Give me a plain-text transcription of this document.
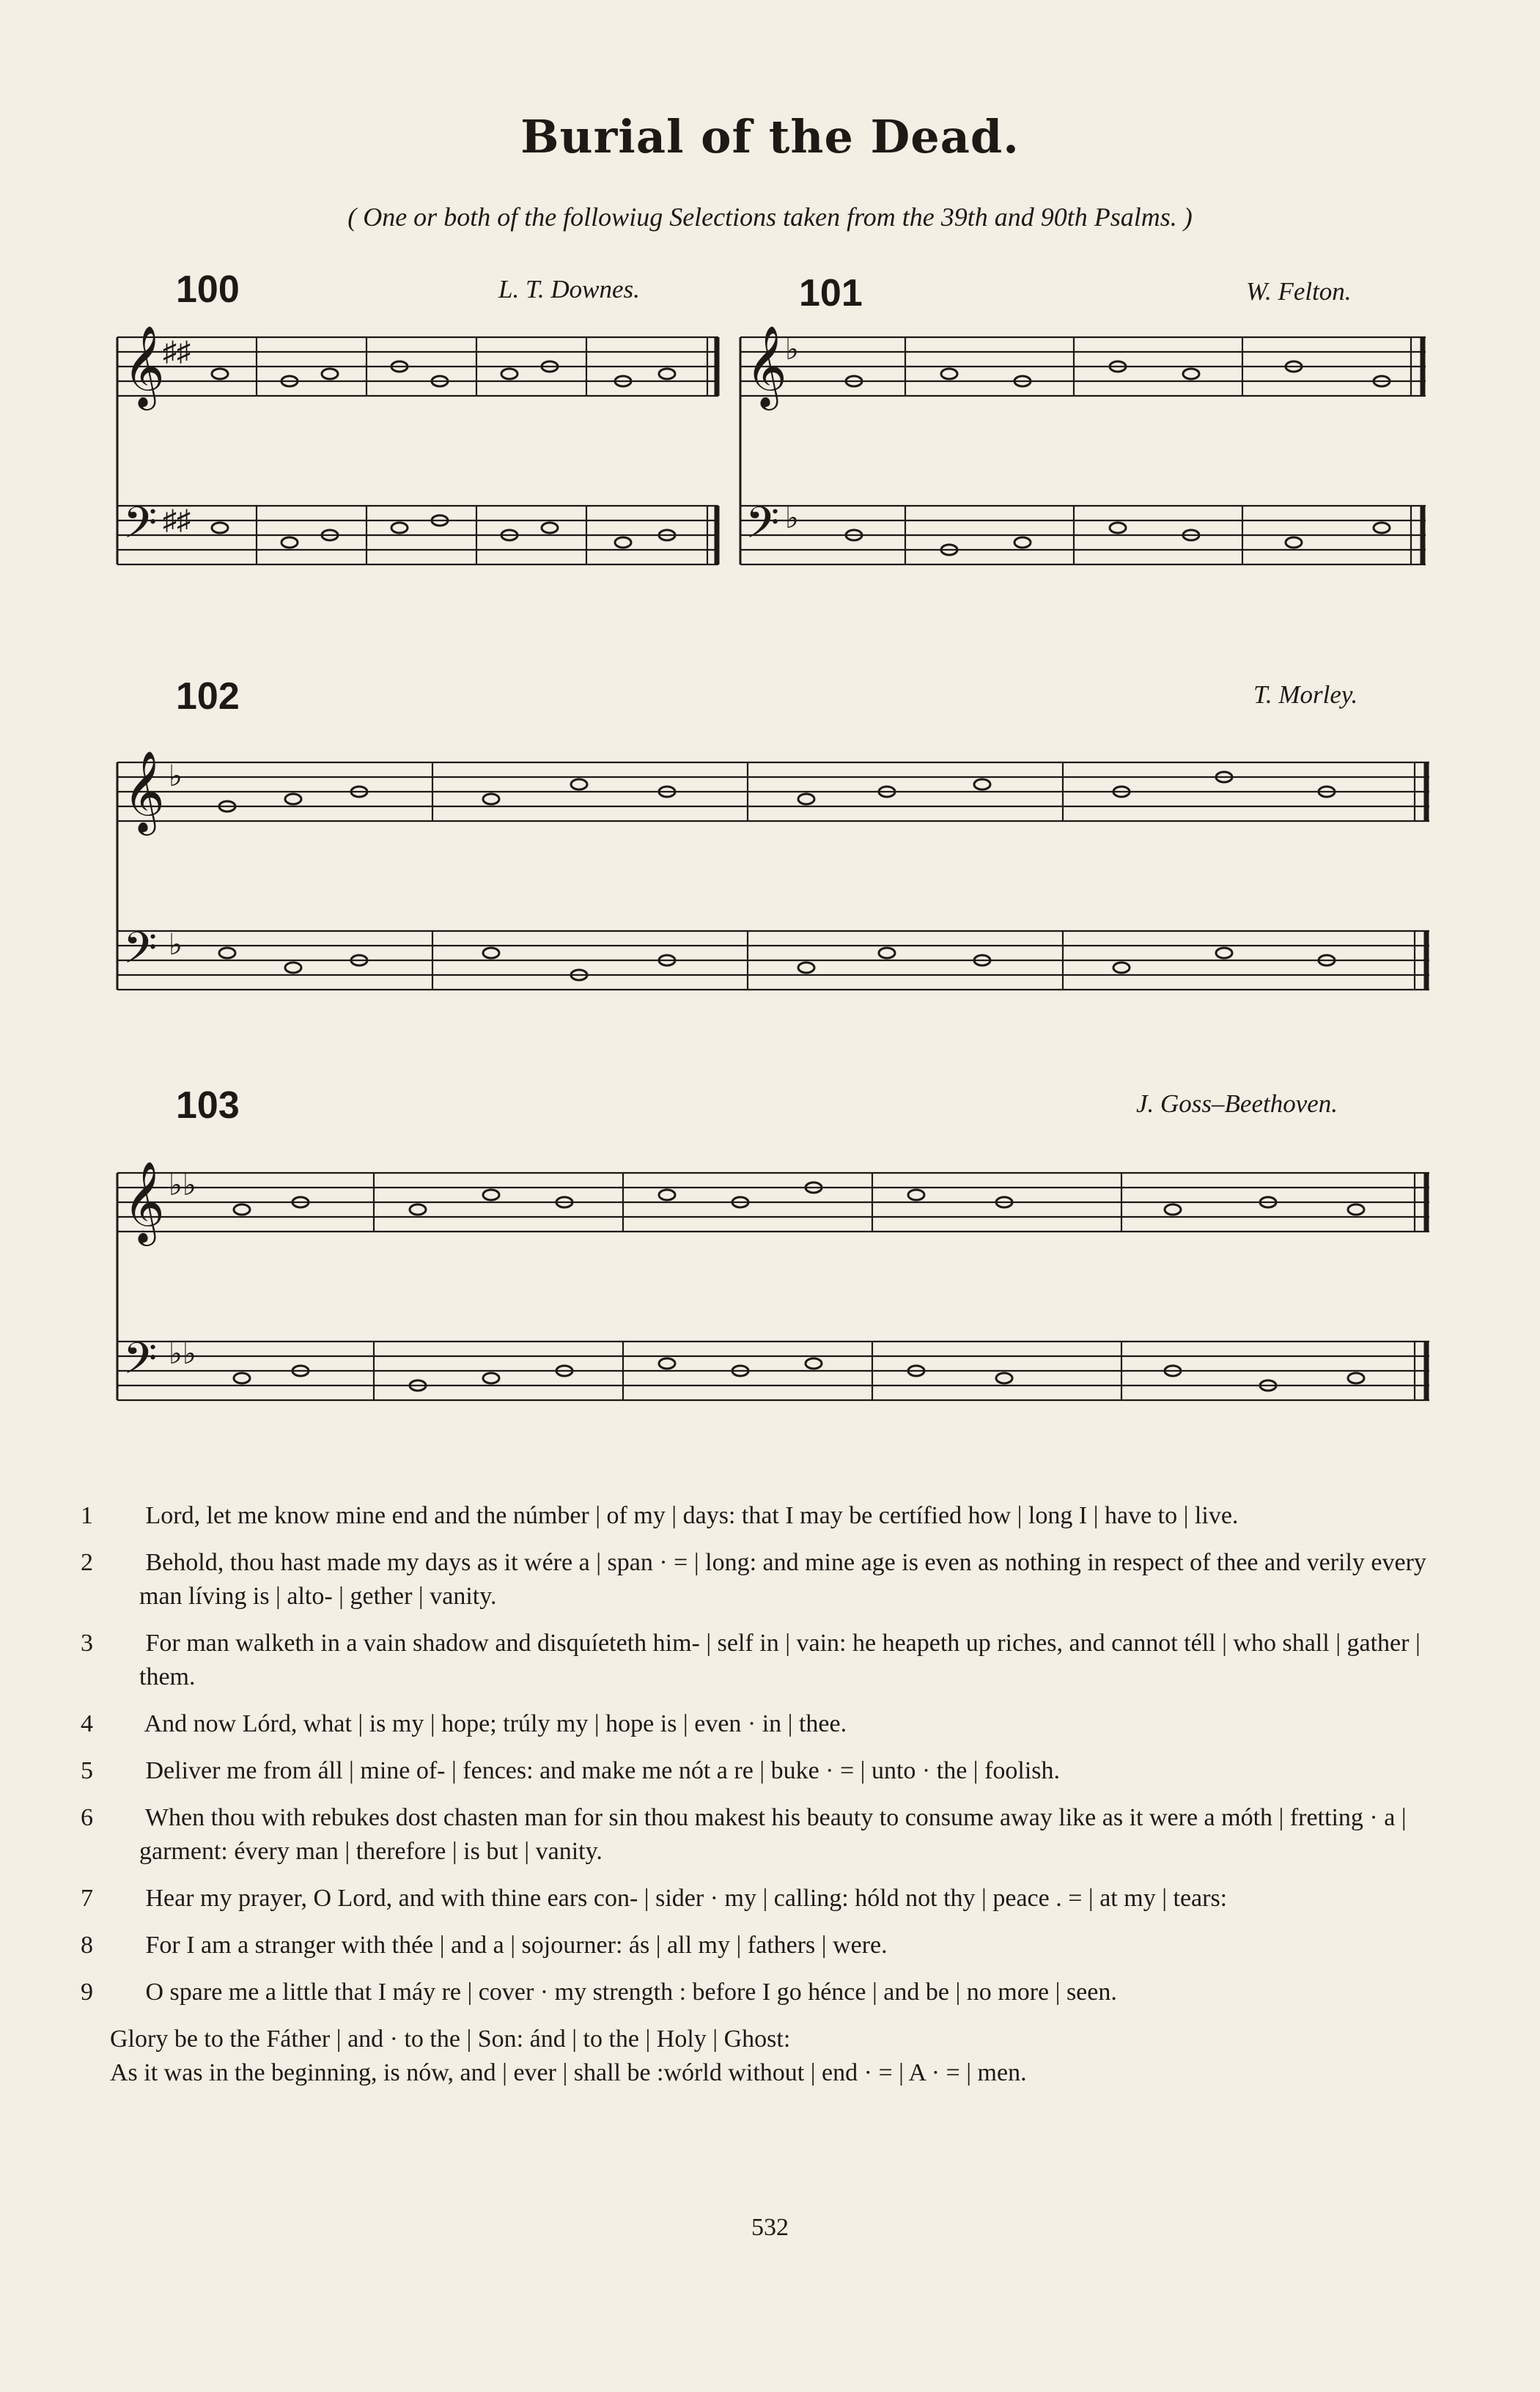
Burial of the Dead.
( One or both of the followiug Selections taken from the 39th and 90th Psalms. )
100	L. T. Downes.
𝄞
𝄢
♯♯
♯♯
101	W. Felton.
𝄞
𝄢
♭
♭
102	T. Morley.
𝄞
𝄢
♭
♭
103	J. Goss–Beethoven.
𝄞
𝄢
♭♭
♭♭
1 Lord, let me know mine end and the númber | of my | days: that I may be certífied how | long I | have to | live.
2 Behold, thou hast made my days as it wére a | span · = | long: and mine age is even as nothing in respect of thee and verily every man líving is | alto- | gether | vanity.
3 For man walketh in a vain shadow and disquíeteth him- | self in | vain: he heapeth up riches, and cannot téll | who shall | gather | them.
4 And now Lórd, what | is my | hope; trúly my | hope is | even · in | thee.
5 Deliver me from áll | mine of- | fences: and make me nót a re | buke · = | unto · the | foolish.
6 When thou with rebukes dost chasten man for sin thou makest his beauty to consume away like as it were a móth | fretting · a | garment: évery man | therefore | is but | vanity.
7 Hear my prayer, O Lord, and with thine ears con- | sider · my | calling: hóld not thy | peace . = | at my | tears:
8 For I am a stranger with thée | and a | sojourner: ás | all my | fathers | were.
9 O spare me a little that I máy re | cover · my strength : before I go hénce | and be | no more | seen.
Glory be to the Fáther | and · to the | Son: ánd | to the | Holy | Ghost:
As it was in the beginning, is nów, and | ever | shall be :wórld without | end · = | A · = | men.
532
